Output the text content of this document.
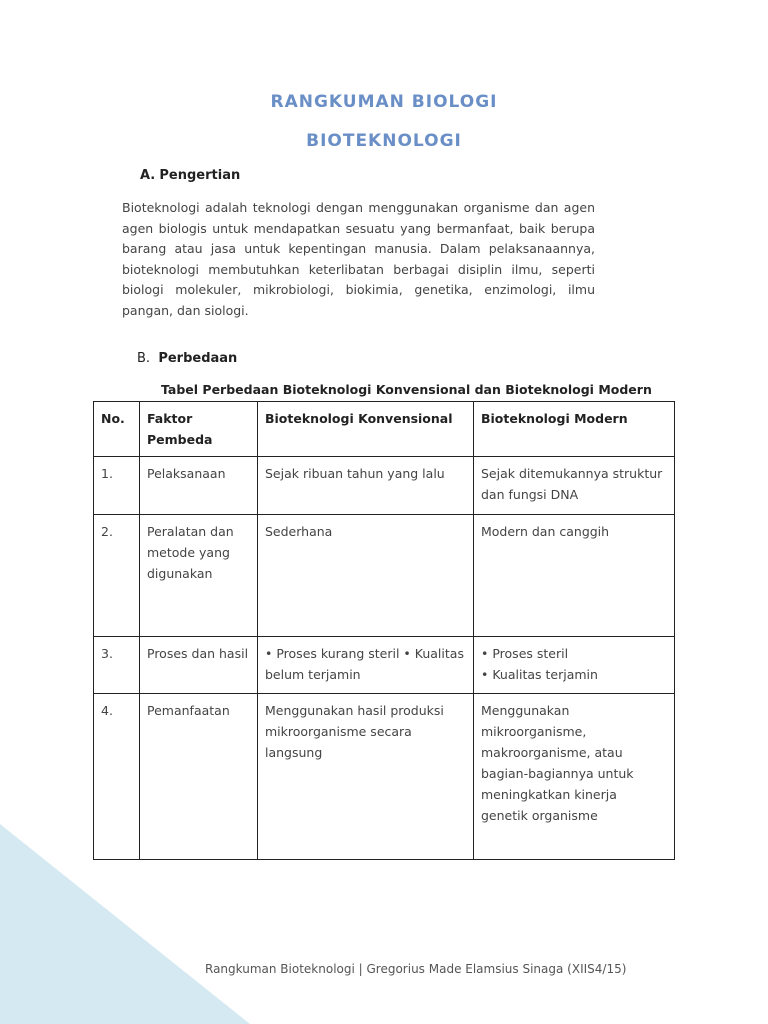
RANGKUMAN BIOLOGI
BIOTEKNOLOGI
A. Pengertian
Bioteknologi adalah teknologi dengan menggunakan organisme dan agen agen biologis untuk mendapatkan sesuatu yang bermanfaat, baik berupa barang atau jasa untuk kepentingan manusia. Dalam pelaksanaannya, bioteknologi membutuhkan keterlibatan berbagai disiplin ilmu, seperti biologi molekuler, mikrobiologi, biokimia, genetika, enzimologi, ilmu pangan, dan siologi.
B. Perbedaan
Tabel Perbedaan Bioteknologi Konvensional dan Bioteknologi Modern
No.	Faktor Pembeda	Bioteknologi Konvensional	Bioteknologi Modern
1.	Pelaksanaan	Sejak ribuan tahun yang lalu	Sejak ditemukannya struktur dan fungsi DNA
2.	Peralatan dan metode yang digunakan	Sederhana	Modern dan canggih
3.	Proses dan hasil	• Proses kurang steril • Kualitas belum terjamin	• Proses steril
• Kualitas terjamin

4.	Pemanfaatan	Menggunakan hasil produksi mikroorganisme secara langsung	Menggunakan mikroorganisme, makroorganisme, atau bagian-bagiannya untuk meningkatkan kinerja genetik organisme
Rangkuman Bioteknologi | Gregorius Made Elamsius Sinaga (XIIS4/15)
